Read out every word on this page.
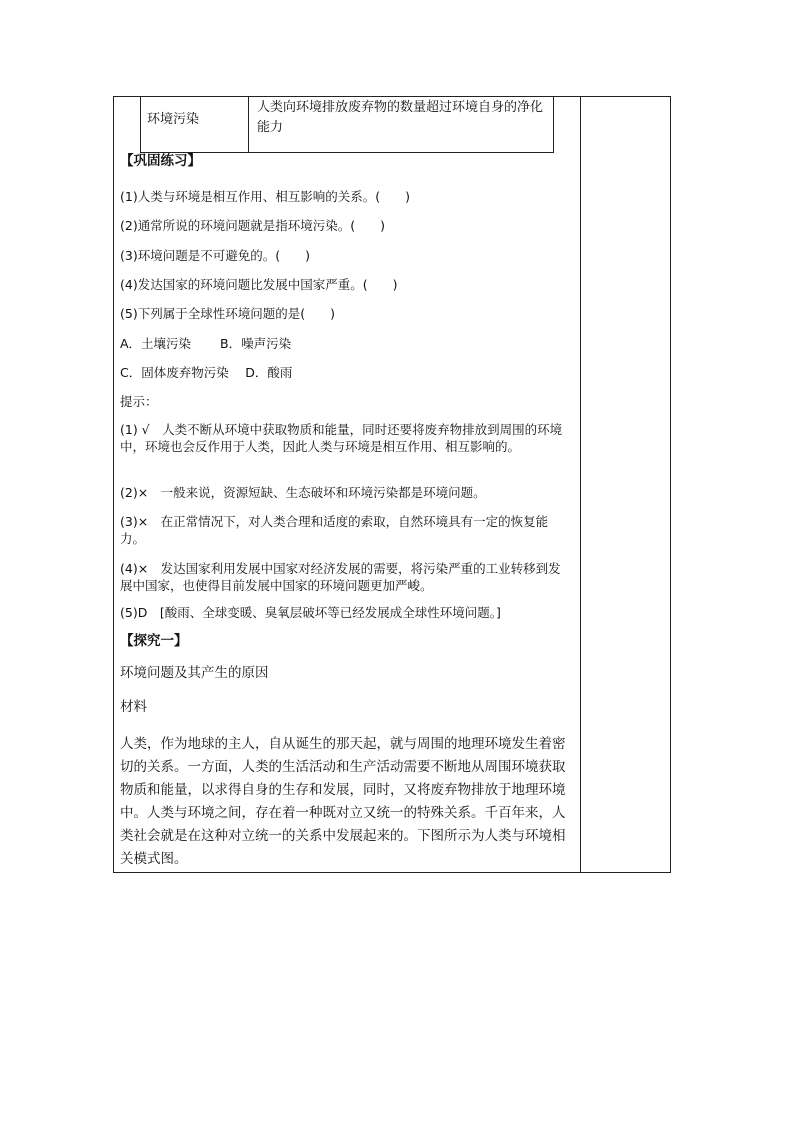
环境污染
人类向环境排放废弃物的数量超过环境自身的净化能力

【巩固练习】

(1)人类与环境是相互作用、相互影响的关系。(　　)

(2)通常所说的环境问题就是指环境污染。(　　)

(3)环境问题是不可避免的。(　　)

(4)发达国家的环境问题比发展中国家严重。(　　)

(5)下列属于全球性环境问题的是(　　)

A．土壤污染　　 B．噪声污染

C．固体废弃物污染　 D．酸雨

提示：

(1) √　人类不断从环境中获取物质和能量，同时还要将废弃物排放到周围的环境中，环境也会反作用于人类，因此人类与环境是相互作用、相互影响的。

(2)×　一般来说，资源短缺、生态破坏和环境污染都是环境问题。

(3)×　在正常情况下，对人类合理和适度的索取，自然环境具有一定的恢复能力。

(4)×　发达国家利用发展中国家对经济发展的需要，将污染严重的工业转移到发展中国家，也使得目前发展中国家的环境问题更加严峻。

(5)D　[酸雨、全球变暖、臭氧层破坏等已经发展成全球性环境问题。]

【探究一】

环境问题及其产生的原因

材料

人类，作为地球的主人，自从诞生的那天起，就与周围的地理环境发生着密切的关系。一方面，人类的生活活动和生产活动需要不断地从周围环境获取物质和能量，以求得自身的生存和发展，同时，又将废弃物排放于地理环境中。人类与环境之间，存在着一种既对立又统一的特殊关系。千百年来，人类社会就是在这种对立统一的关系中发展起来的。下图所示为人类与环境相关模式图。
